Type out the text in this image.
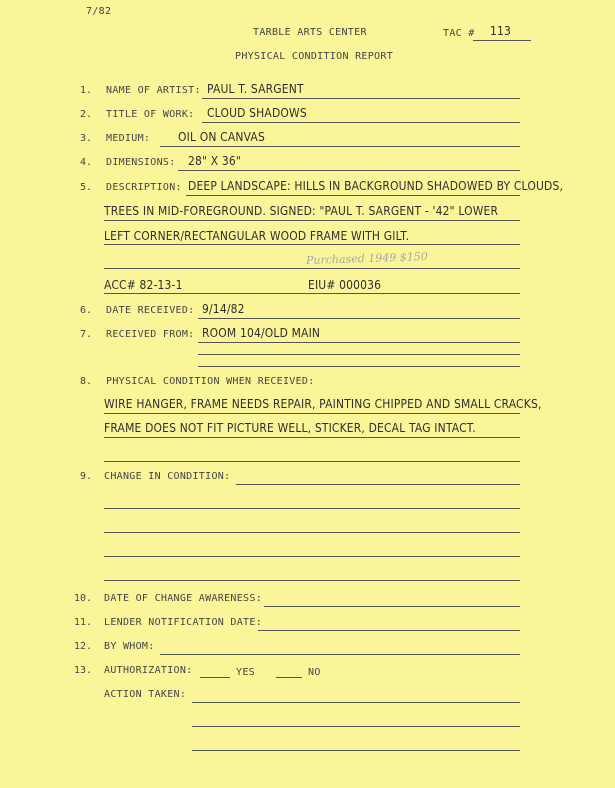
7/82
TARBLE ARTS CENTER	TAC # 113
PHYSICAL CONDITION REPORT
1. NAME OF ARTIST: PAUL T. SARGENT
2. TITLE OF WORK: CLOUD SHADOWS
3. MEDIUM: OIL ON CANVAS
4. DIMENSIONS: 28" X 36"
5. DESCRIPTION: DEEP LANDSCAPE: HILLS IN BACKGROUND SHADOWED BY CLOUDS,
TREES IN MID-FOREGROUND. SIGNED: "PAUL T. SARGENT - '42" LOWER
LEFT CORNER/RECTANGULAR WOOD FRAME WITH GILT.
Purchased 1949 $150
ACC# 82-13-1	EIU# 000036
6. DATE RECEIVED: 9/14/82
7. RECEIVED FROM: ROOM 104/OLD MAIN
8. PHYSICAL CONDITION WHEN RECEIVED:
WIRE HANGER, FRAME NEEDS REPAIR, PAINTING CHIPPED AND SMALL CRACKS,
FRAME DOES NOT FIT PICTURE WELL, STICKER, DECAL TAG INTACT.
9. CHANGE IN CONDITION:
10. DATE OF CHANGE AWARENESS:
11. LENDER NOTIFICATION DATE:
12. BY WHOM:
13. AUTHORIZATION:	YES	NO
ACTION TAKEN:
